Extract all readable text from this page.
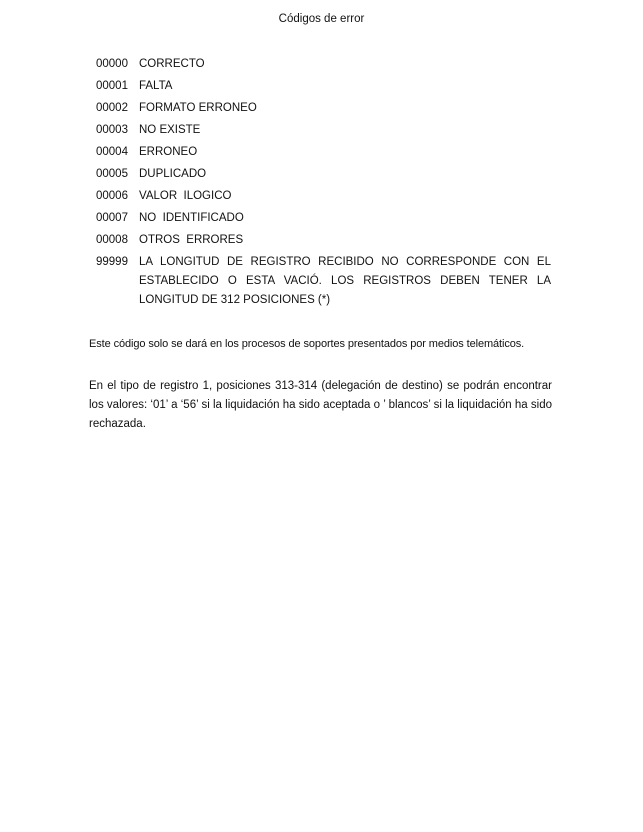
Códigos de error
00000 CORRECTO
00001 FALTA
00002 FORMATO ERRONEO
00003 NO EXISTE
00004 ERRONEO
00005 DUPLICADO
00006 VALOR  ILOGICO
00007 NO  IDENTIFICADO
00008 OTROS  ERRORES
99999 LA LONGITUD DE REGISTRO RECIBIDO NO CORRESPONDE CON EL ESTABLECIDO O ESTA VACIÓ. LOS REGISTROS DEBEN TENER LA LONGITUD DE 312 POSICIONES (*)
Este código solo se dará en los procesos de soportes presentados por medios telemáticos.
En el tipo de registro 1, posiciones 313-314 (delegación de destino) se podrán encontrar los valores: ‘01’ a ‘56’ si la liquidación ha sido aceptada o ’ blancos’ si la liquidación ha sido rechazada.
